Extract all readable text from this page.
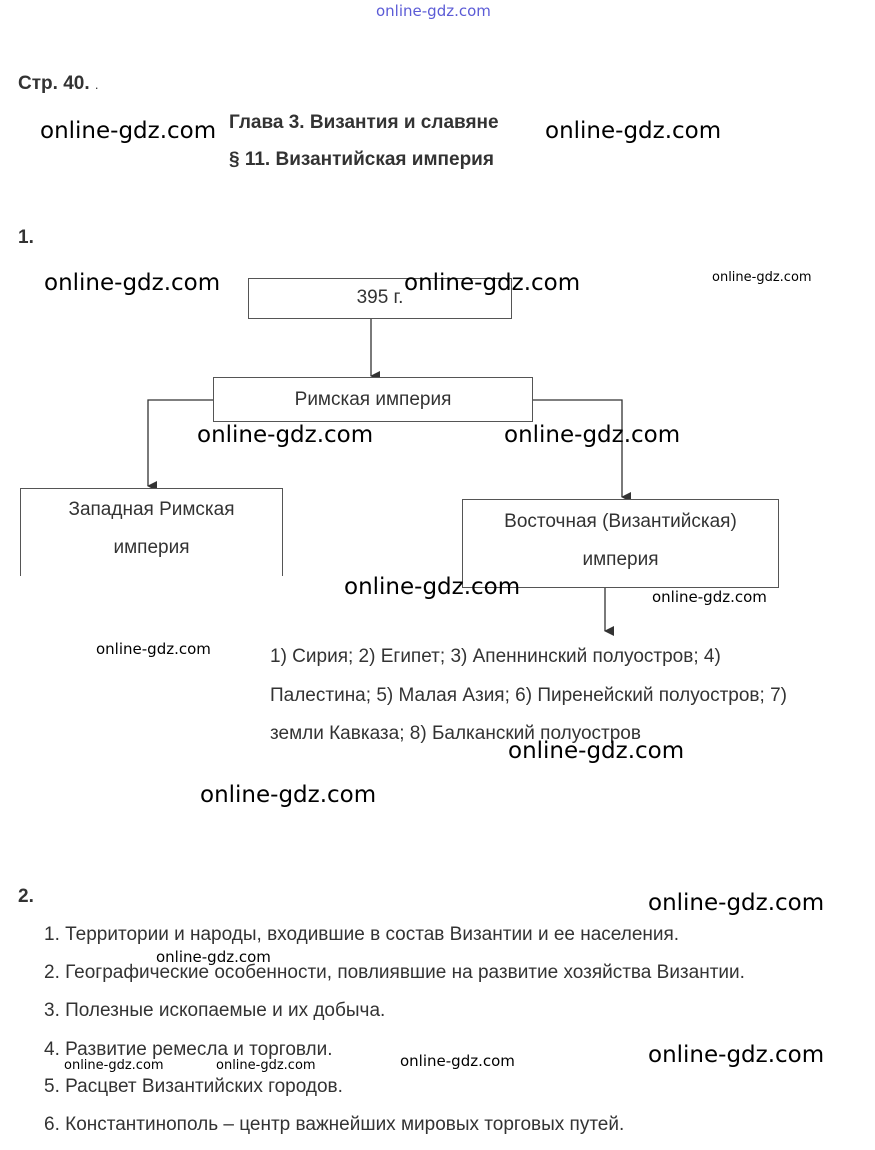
online-gdz.com
Стр. 40. .
Глава 3. Византия и славяне
§ 11. Византийская империя
1.
395 г.
Римская империя
Западная Римская
империя
Восточная (Византийская)
империя
1) Сирия; 2) Египет; 3) Апеннинский полуостров; 4) Палестина; 5) Малая Азия; 6) Пиренейский полуостров; 7) земли Кавказа; 8) Балканский полуостров
2.
1. Территории и народы, входившие в состав Византии и ее населения.
2. Географические особенности, повлиявшие на развитие хозяйства Византии.
3. Полезные ископаемые и их добыча.
4. Развитие ремесла и торговли.
5. Расцвет Византийских городов.
6. Константинополь – центр важнейших мировых торговых путей.
online-gdz.com	online-gdz.com
online-gdz.com	online-gdz.com	online-gdz.com
online-gdz.com	online-gdz.com
online-gdz.com	online-gdz.com
online-gdz.com
online-gdz.com
online-gdz.com
online-gdz.com
online-gdz.com
online-gdz.com
online-gdz.com
online-gdz.com	online-gdz.com
